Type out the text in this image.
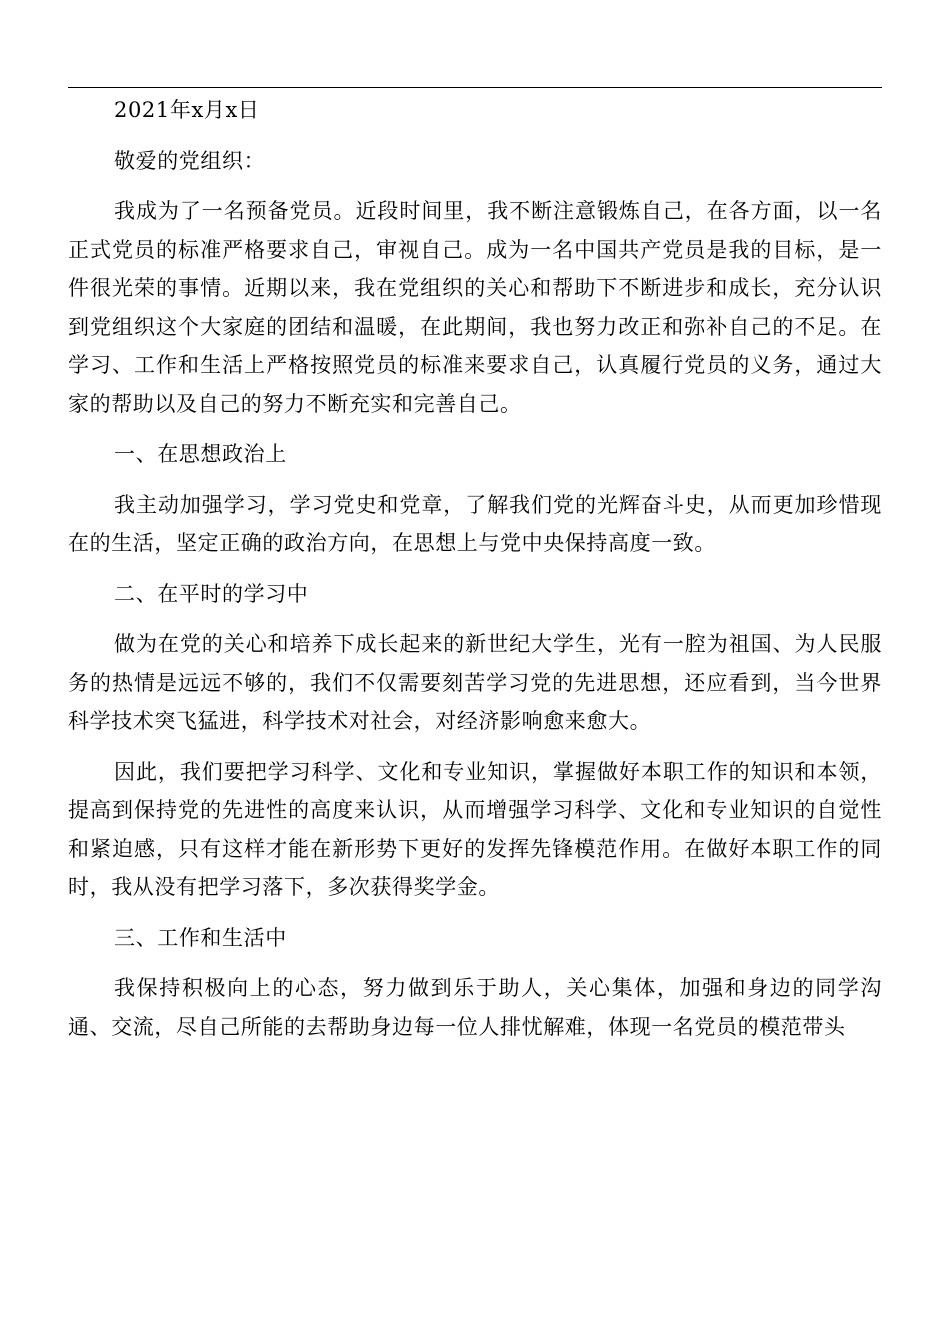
2021年x月x日

敬爱的党组织：

我成为了一名预备党员。近段时间里，我不断注意锻炼自己，在各方面，以一名正式党员的标准严格要求自己，审视自己。成为一名中国共产党员是我的目标，是一件很光荣的事情。近期以来，我在党组织的关心和帮助下不断进步和成长，充分认识到党组织这个大家庭的团结和温暖，在此期间，我也努力改正和弥补自己的不足。在学习、工作和生活上严格按照党员的标准来要求自己，认真履行党员的义务，通过大家的帮助以及自己的努力不断充实和完善自己。

一、在思想政治上

我主动加强学习，学习党史和党章，了解我们党的光辉奋斗史，从而更加珍惜现在的生活，坚定正确的政治方向，在思想上与党中央保持高度一致。

二、在平时的学习中

做为在党的关心和培养下成长起来的新世纪大学生，光有一腔为祖国、为人民服务的热情是远远不够的，我们不仅需要刻苦学习党的先进思想，还应看到，当今世界科学技术突飞猛进，科学技术对社会，对经济影响愈来愈大。

因此，我们要把学习科学、文化和专业知识，掌握做好本职工作的知识和本领，提高到保持党的先进性的高度来认识，从而增强学习科学、文化和专业知识的自觉性和紧迫感，只有这样才能在新形势下更好的发挥先锋模范作用。在做好本职工作的同时，我从没有把学习落下，多次获得奖学金。

三、工作和生活中

我保持积极向上的心态，努力做到乐于助人，关心集体，加强和身边的同学沟通、交流，尽自己所能的去帮助身边每一位人排忧解难，体现一名党员的模范带头
